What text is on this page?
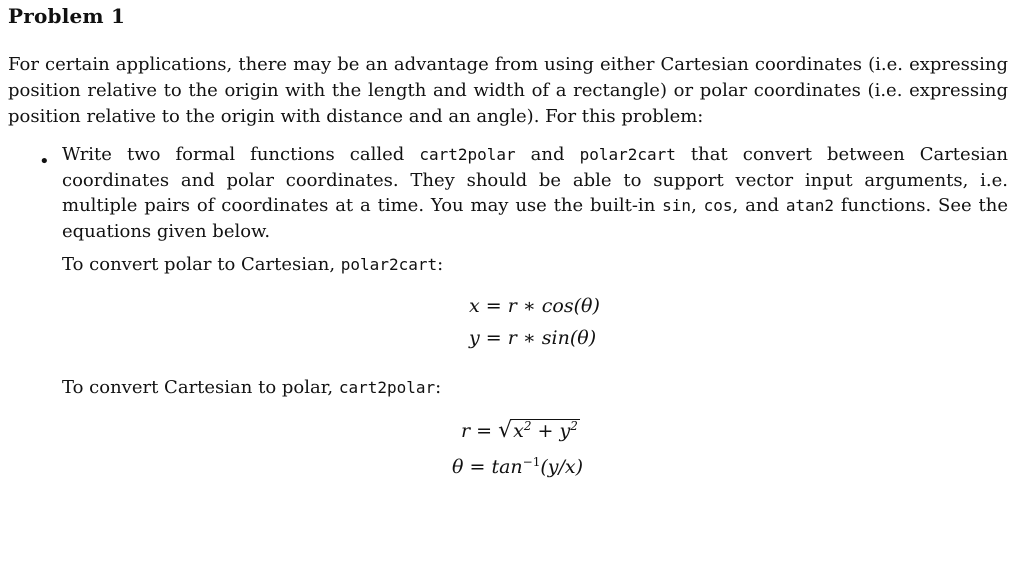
Problem 1
For certain applications, there may be an advantage from using either Cartesian coordinates (i.e. expressing position relative to the origin with the length and width of a rectangle) or polar coordinates (i.e. expressing position relative to the origin with distance and an angle). For this problem:
• Write two formal functions called cart2polar and polar2cart that convert between Cartesian coordinates and polar coordinates. They should be able to support vector input arguments, i.e. multiple pairs of coordinates at a time. You may use the built-in sin, cos, and atan2 functions. See the equations given below.
To convert polar to Cartesian, polar2cart:
x = r ∗ cos(θ)
y = r ∗ sin(θ)
To convert Cartesian to polar, cart2polar:
$r = √x^2 + y^2$
$\theta = \tan^{-1}(y/x)$
